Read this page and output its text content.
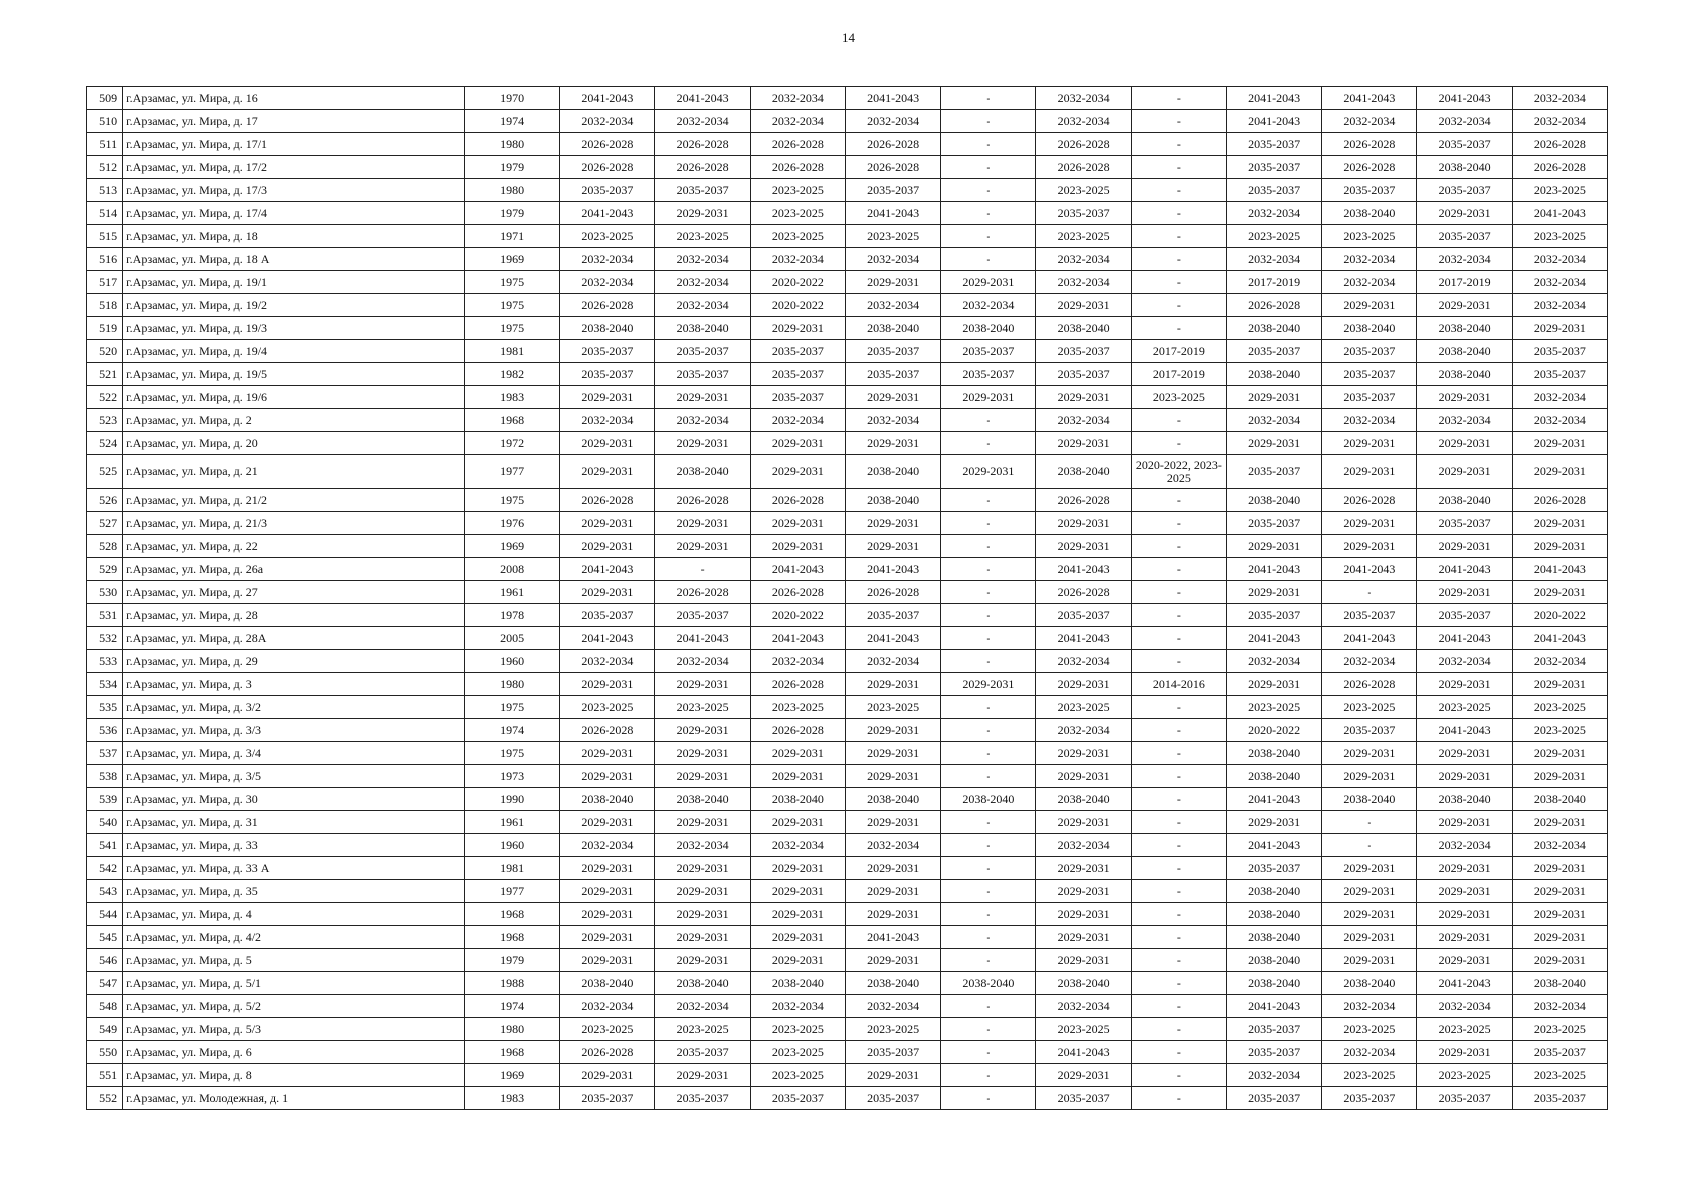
14
509	г.Арзамас, ул. Мира, д. 16	1970	2041-2043	2041-2043	2032-2034	2041-2043	-	2032-2034	-	2041-2043	2041-2043	2041-2043	2032-2034
510	г.Арзамас, ул. Мира, д. 17	1974	2032-2034	2032-2034	2032-2034	2032-2034	-	2032-2034	-	2041-2043	2032-2034	2032-2034	2032-2034
511	г.Арзамас, ул. Мира, д. 17/1	1980	2026-2028	2026-2028	2026-2028	2026-2028	-	2026-2028	-	2035-2037	2026-2028	2035-2037	2026-2028
512	г.Арзамас, ул. Мира, д. 17/2	1979	2026-2028	2026-2028	2026-2028	2026-2028	-	2026-2028	-	2035-2037	2026-2028	2038-2040	2026-2028
513	г.Арзамас, ул. Мира, д. 17/3	1980	2035-2037	2035-2037	2023-2025	2035-2037	-	2023-2025	-	2035-2037	2035-2037	2035-2037	2023-2025
514	г.Арзамас, ул. Мира, д. 17/4	1979	2041-2043	2029-2031	2023-2025	2041-2043	-	2035-2037	-	2032-2034	2038-2040	2029-2031	2041-2043
515	г.Арзамас, ул. Мира, д. 18	1971	2023-2025	2023-2025	2023-2025	2023-2025	-	2023-2025	-	2023-2025	2023-2025	2035-2037	2023-2025
516	г.Арзамас, ул. Мира, д. 18 А	1969	2032-2034	2032-2034	2032-2034	2032-2034	-	2032-2034	-	2032-2034	2032-2034	2032-2034	2032-2034
517	г.Арзамас, ул. Мира, д. 19/1	1975	2032-2034	2032-2034	2020-2022	2029-2031	2029-2031	2032-2034	-	2017-2019	2032-2034	2017-2019	2032-2034
518	г.Арзамас, ул. Мира, д. 19/2	1975	2026-2028	2032-2034	2020-2022	2032-2034	2032-2034	2029-2031	-	2026-2028	2029-2031	2029-2031	2032-2034
519	г.Арзамас, ул. Мира, д. 19/3	1975	2038-2040	2038-2040	2029-2031	2038-2040	2038-2040	2038-2040	-	2038-2040	2038-2040	2038-2040	2029-2031
520	г.Арзамас, ул. Мира, д. 19/4	1981	2035-2037	2035-2037	2035-2037	2035-2037	2035-2037	2035-2037	2017-2019	2035-2037	2035-2037	2038-2040	2035-2037
521	г.Арзамас, ул. Мира, д. 19/5	1982	2035-2037	2035-2037	2035-2037	2035-2037	2035-2037	2035-2037	2017-2019	2038-2040	2035-2037	2038-2040	2035-2037
522	г.Арзамас, ул. Мира, д. 19/6	1983	2029-2031	2029-2031	2035-2037	2029-2031	2029-2031	2029-2031	2023-2025	2029-2031	2035-2037	2029-2031	2032-2034
523	г.Арзамас, ул. Мира, д. 2	1968	2032-2034	2032-2034	2032-2034	2032-2034	-	2032-2034	-	2032-2034	2032-2034	2032-2034	2032-2034
524	г.Арзамас, ул. Мира, д. 20	1972	2029-2031	2029-2031	2029-2031	2029-2031	-	2029-2031	-	2029-2031	2029-2031	2029-2031	2029-2031
525	г.Арзамас, ул. Мира, д. 21	1977	2029-2031	2038-2040	2029-2031	2038-2040	2029-2031	2038-2040	2020-2022, 2023-2025	2035-2037	2029-2031	2029-2031	2029-2031
526	г.Арзамас, ул. Мира, д. 21/2	1975	2026-2028	2026-2028	2026-2028	2038-2040	-	2026-2028	-	2038-2040	2026-2028	2038-2040	2026-2028
527	г.Арзамас, ул. Мира, д. 21/3	1976	2029-2031	2029-2031	2029-2031	2029-2031	-	2029-2031	-	2035-2037	2029-2031	2035-2037	2029-2031
528	г.Арзамас, ул. Мира, д. 22	1969	2029-2031	2029-2031	2029-2031	2029-2031	-	2029-2031	-	2029-2031	2029-2031	2029-2031	2029-2031
529	г.Арзамас, ул. Мира, д. 26а	2008	2041-2043	-	2041-2043	2041-2043	-	2041-2043	-	2041-2043	2041-2043	2041-2043	2041-2043
530	г.Арзамас, ул. Мира, д. 27	1961	2029-2031	2026-2028	2026-2028	2026-2028	-	2026-2028	-	2029-2031	-	2029-2031	2029-2031
531	г.Арзамас, ул. Мира, д. 28	1978	2035-2037	2035-2037	2020-2022	2035-2037	-	2035-2037	-	2035-2037	2035-2037	2035-2037	2020-2022
532	г.Арзамас, ул. Мира, д. 28А	2005	2041-2043	2041-2043	2041-2043	2041-2043	-	2041-2043	-	2041-2043	2041-2043	2041-2043	2041-2043
533	г.Арзамас, ул. Мира, д. 29	1960	2032-2034	2032-2034	2032-2034	2032-2034	-	2032-2034	-	2032-2034	2032-2034	2032-2034	2032-2034
534	г.Арзамас, ул. Мира, д. 3	1980	2029-2031	2029-2031	2026-2028	2029-2031	2029-2031	2029-2031	2014-2016	2029-2031	2026-2028	2029-2031	2029-2031
535	г.Арзамас, ул. Мира, д. 3/2	1975	2023-2025	2023-2025	2023-2025	2023-2025	-	2023-2025	-	2023-2025	2023-2025	2023-2025	2023-2025
536	г.Арзамас, ул. Мира, д. 3/3	1974	2026-2028	2029-2031	2026-2028	2029-2031	-	2032-2034	-	2020-2022	2035-2037	2041-2043	2023-2025
537	г.Арзамас, ул. Мира, д. 3/4	1975	2029-2031	2029-2031	2029-2031	2029-2031	-	2029-2031	-	2038-2040	2029-2031	2029-2031	2029-2031
538	г.Арзамас, ул. Мира, д. 3/5	1973	2029-2031	2029-2031	2029-2031	2029-2031	-	2029-2031	-	2038-2040	2029-2031	2029-2031	2029-2031
539	г.Арзамас, ул. Мира, д. 30	1990	2038-2040	2038-2040	2038-2040	2038-2040	2038-2040	2038-2040	-	2041-2043	2038-2040	2038-2040	2038-2040
540	г.Арзамас, ул. Мира, д. 31	1961	2029-2031	2029-2031	2029-2031	2029-2031	-	2029-2031	-	2029-2031	-	2029-2031	2029-2031
541	г.Арзамас, ул. Мира, д. 33	1960	2032-2034	2032-2034	2032-2034	2032-2034	-	2032-2034	-	2041-2043	-	2032-2034	2032-2034
542	г.Арзамас, ул. Мира, д. 33 А	1981	2029-2031	2029-2031	2029-2031	2029-2031	-	2029-2031	-	2035-2037	2029-2031	2029-2031	2029-2031
543	г.Арзамас, ул. Мира, д. 35	1977	2029-2031	2029-2031	2029-2031	2029-2031	-	2029-2031	-	2038-2040	2029-2031	2029-2031	2029-2031
544	г.Арзамас, ул. Мира, д. 4	1968	2029-2031	2029-2031	2029-2031	2029-2031	-	2029-2031	-	2038-2040	2029-2031	2029-2031	2029-2031
545	г.Арзамас, ул. Мира, д. 4/2	1968	2029-2031	2029-2031	2029-2031	2041-2043	-	2029-2031	-	2038-2040	2029-2031	2029-2031	2029-2031
546	г.Арзамас, ул. Мира, д. 5	1979	2029-2031	2029-2031	2029-2031	2029-2031	-	2029-2031	-	2038-2040	2029-2031	2029-2031	2029-2031
547	г.Арзамас, ул. Мира, д. 5/1	1988	2038-2040	2038-2040	2038-2040	2038-2040	2038-2040	2038-2040	-	2038-2040	2038-2040	2041-2043	2038-2040
548	г.Арзамас, ул. Мира, д. 5/2	1974	2032-2034	2032-2034	2032-2034	2032-2034	-	2032-2034	-	2041-2043	2032-2034	2032-2034	2032-2034
549	г.Арзамас, ул. Мира, д. 5/3	1980	2023-2025	2023-2025	2023-2025	2023-2025	-	2023-2025	-	2035-2037	2023-2025	2023-2025	2023-2025
550	г.Арзамас, ул. Мира, д. 6	1968	2026-2028	2035-2037	2023-2025	2035-2037	-	2041-2043	-	2035-2037	2032-2034	2029-2031	2035-2037
551	г.Арзамас, ул. Мира, д. 8	1969	2029-2031	2029-2031	2023-2025	2029-2031	-	2029-2031	-	2032-2034	2023-2025	2023-2025	2023-2025
552	г.Арзамас, ул. Молодежная, д. 1	1983	2035-2037	2035-2037	2035-2037	2035-2037	-	2035-2037	-	2035-2037	2035-2037	2035-2037	2035-2037
